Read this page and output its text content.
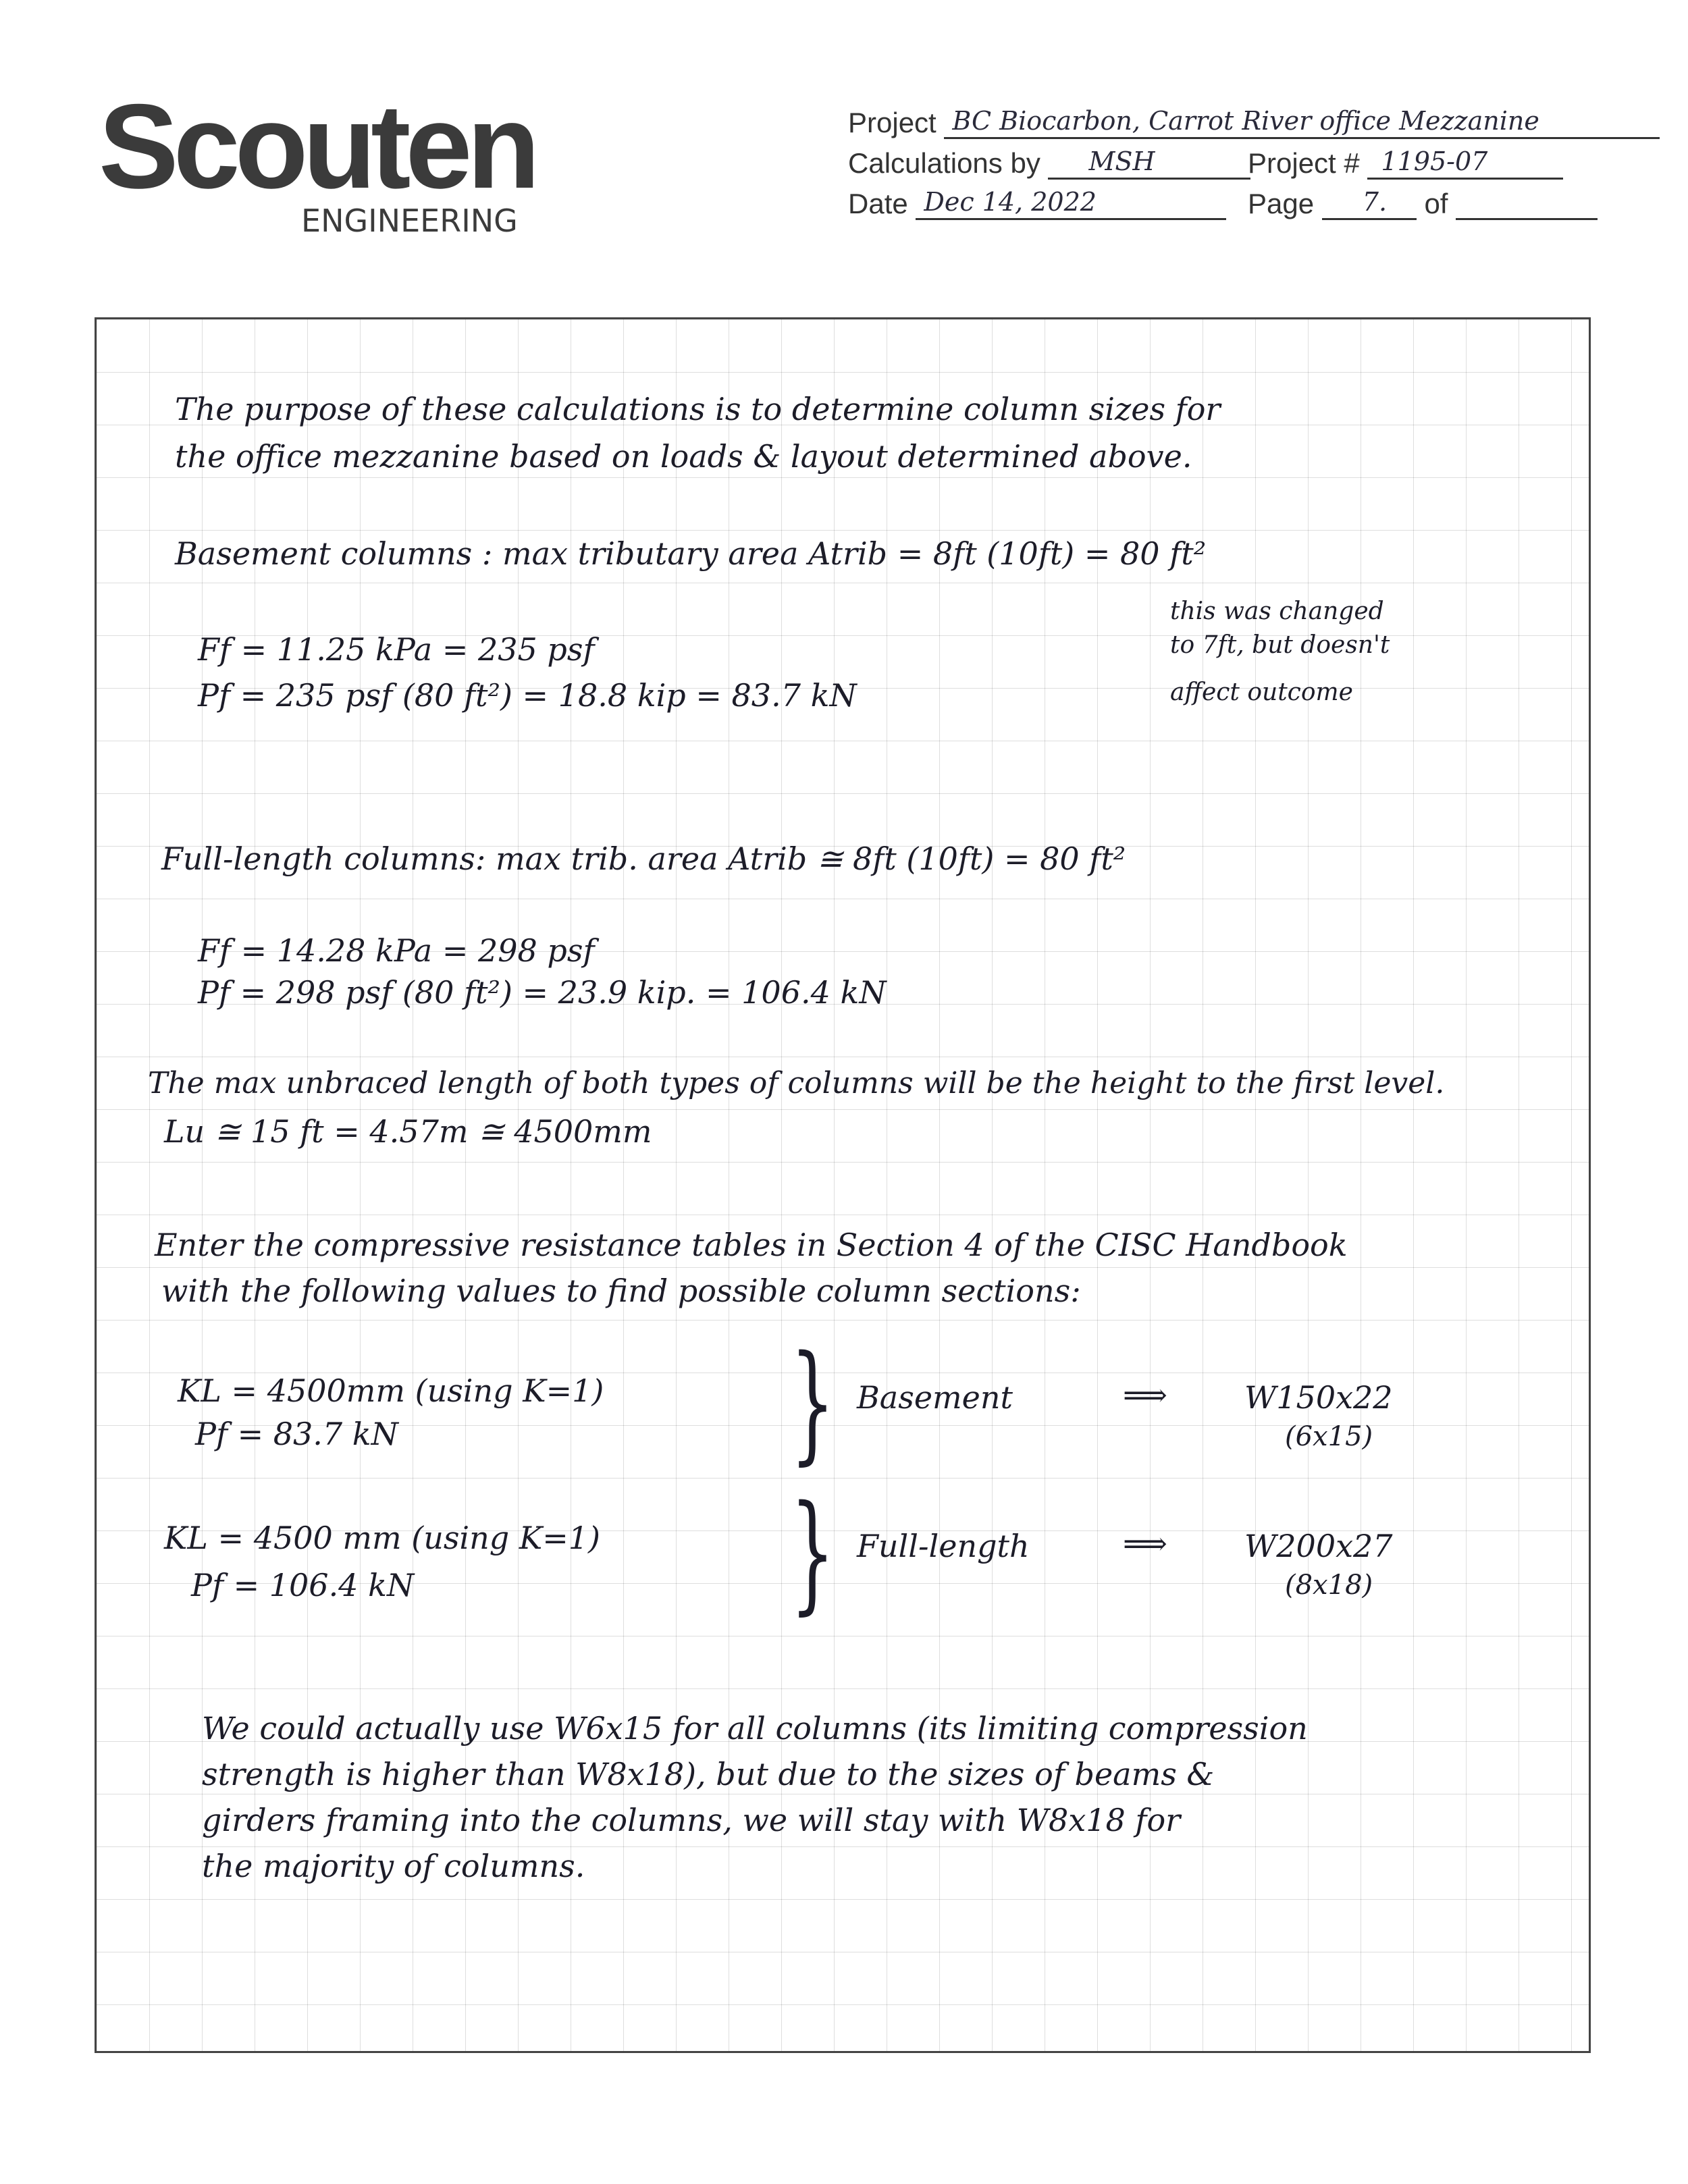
Scouten
ENGINEERING
Project BC Biocarbon, Carrot River office Mezzanine
Calculations by MSH	Project # 1195-07
Date Dec 14, 2022	Page 7. of
The purpose of these calculations is to determine column sizes for
the office mezzanine based on loads & layout determined above.
Basement columns : max tributary area Atrib = 8ft (10ft) = 80 ft²
this was changed
to 7ft, but doesn't
affect outcome
Ff = 11.25 kPa = 235 psf
Pf = 235 psf (80 ft²) = 18.8 kip = 83.7 kN
Full-length columns: max trib. area Atrib ≅ 8ft (10ft) = 80 ft²
Ff = 14.28 kPa = 298 psf
Pf = 298 psf (80 ft²) = 23.9 kip. = 106.4 kN
The max unbraced length of both types of columns will be the height to the first level.
Lu ≅ 15 ft = 4.57m ≅ 4500mm
Enter the compressive resistance tables in Section 4 of the CISC Handbook
with the following values to find possible column sections:
KL = 4500mm (using K=1)
Pf = 83.7 kN	} Basement	⟹ W150x22
(6x15)
KL = 4500 mm (using K=1)
Pf = 106.4 kN	} Full-length	⟹ W200x27
(8x18)
We could actually use W6x15 for all columns (its limiting compression
strength is higher than W8x18), but due to the sizes of beams &
girders framing into the columns, we will stay with W8x18 for
the majority of columns.
